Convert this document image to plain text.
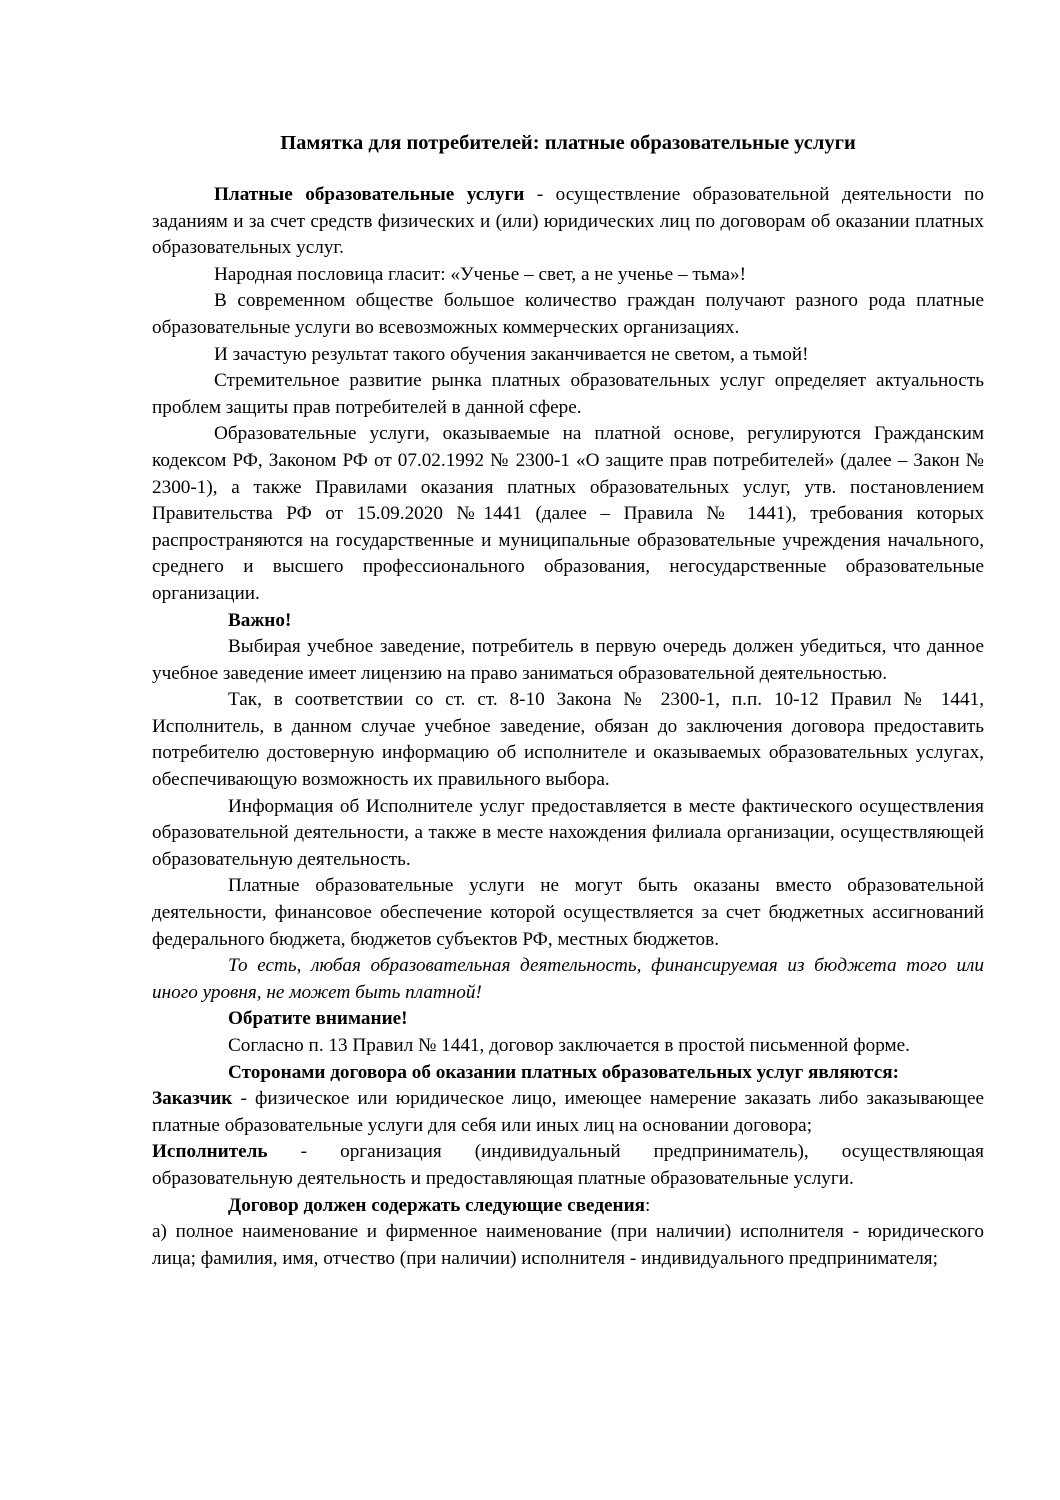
Памятка для потребителей: платные образовательные услуги

Платные образовательные услуги - осуществление образовательной деятельности по заданиям и за счет средств физических и (или) юридических лиц по договорам об оказании платных образовательных услуг.

Народная пословица гласит: «Ученье – свет, а не ученье – тьма»!

В современном обществе большое количество граждан получают разного рода платные образовательные услуги во всевозможных коммерческих организациях.

И зачастую результат такого обучения заканчивается не светом, а тьмой!

Стремительное развитие рынка платных образовательных услуг определяет актуальность проблем защиты прав потребителей в данной сфере.

Образовательные услуги, оказываемые на платной основе, регулируются Гражданским кодексом РФ, Законом РФ от 07.02.1992 № 2300-1 «О защите прав потребителей» (далее – Закон № 2300-1), а также Правилами оказания платных образовательных услуг, утв. постановлением Правительства РФ от 15.09.2020 №1441 (далее – Правила № 1441), требования которых распространяются на государственные и муниципальные образовательные учреждения начального, среднего и высшего профессионального образования, негосударственные образовательные организации.

Важно!

Выбирая учебное заведение, потребитель в первую очередь должен убедиться, что данное учебное заведение имеет лицензию на право заниматься образовательной деятельностью.

Так, в соответствии со ст. ст. 8-10 Закона № 2300-1, п.п. 10-12 Правил № 1441, Исполнитель, в данном случае учебное заведение, обязан до заключения договора предоставить потребителю достоверную информацию об исполнителе и оказываемых образовательных услугах, обеспечивающую возможность их правильного выбора.

Информация об Исполнителе услуг предоставляется в месте фактического осуществления образовательной деятельности, а также в месте нахождения филиала организации, осуществляющей образовательную деятельность.

Платные образовательные услуги не могут быть оказаны вместо образовательной деятельности, финансовое обеспечение которой осуществляется за счет бюджетных ассигнований федерального бюджета, бюджетов субъектов РФ, местных бюджетов.

То есть, любая образовательная деятельность, финансируемая из бюджета того или иного уровня, не может быть платной!

Обратите внимание!

Согласно п. 13 Правил № 1441, договор заключается в простой письменной форме.

Сторонами договора об оказании платных образовательных услуг являются:

Заказчик - физическое или юридическое лицо, имеющее намерение заказать либо заказывающее платные образовательные услуги для себя или иных лиц на основании договора;

Исполнитель - организация (индивидуальный предприниматель), осуществляющая образовательную деятельность и предоставляющая платные образовательные услуги.

Договор должен содержать следующие сведения:

а) полное наименование и фирменное наименование (при наличии) исполнителя - юридического лица; фамилия, имя, отчество (при наличии) исполнителя - индивидуального предпринимателя;
